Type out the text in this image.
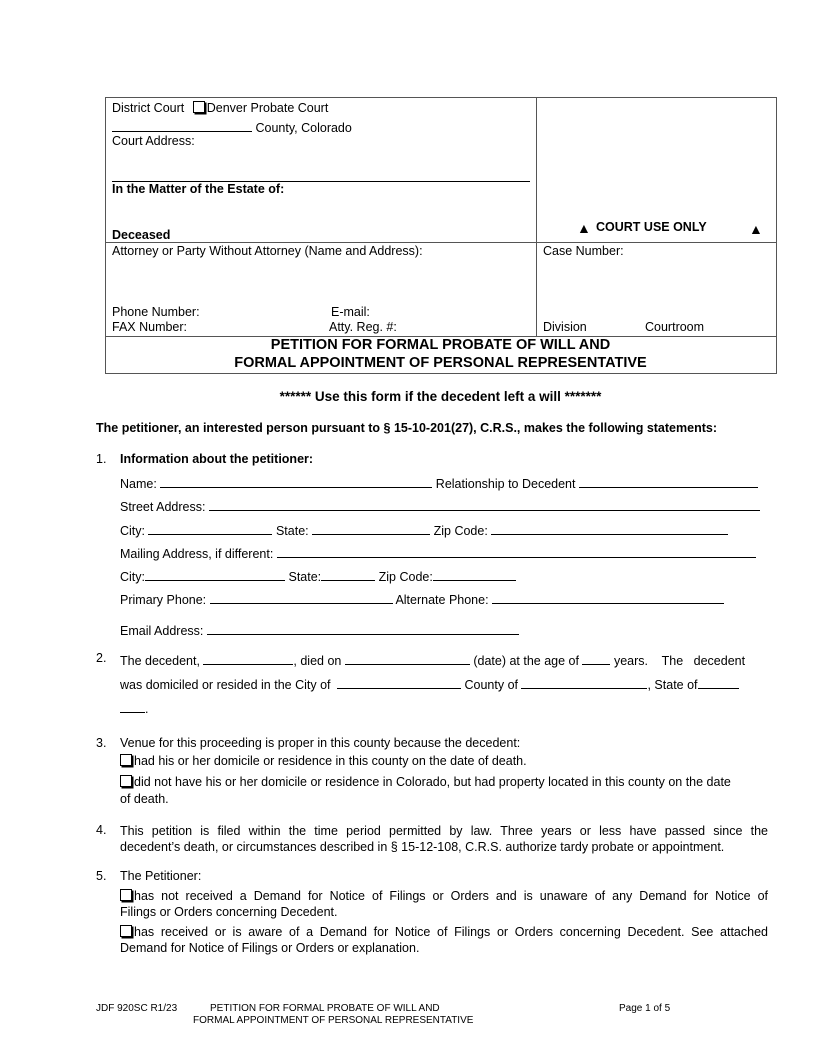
District Court Denver Probate Court
County, Colorado
Court Address:
In the Matter of the Estate of:
Deceased	▲ COURT USE ONLY	▲
Attorney or Party Without Attorney (Name and Address):
Phone Number:	E-mail:
FAX Number:	Atty. Reg. #:
Case Number:
Division	Courtroom
PETITION FOR FORMAL PROBATE OF WILL AND
FORMAL APPOINTMENT OF PERSONAL REPRESENTATIVE
****** Use this form if the decedent left a will *******
The petitioner, an interested person pursuant to § 15-10-201(27), C.R.S., makes the following statements:
1. Information about the petitioner:
Name:	Relationship to Decedent
Street Address:
City:	State:	Zip Code:
Mailing Address, if different:
City:	State:	Zip Code:
Primary Phone:	Alternate Phone:
Email Address:
2. The decedent,	, died on	(date) at the age of	years. The decedent
was domiciled or resided in the City of	County of	, State of
.
3. Venue for this proceeding is proper in this county because the decedent:
had his or her domicile or residence in this county on the date of death.
did not have his or her domicile or residence in Colorado, but had property located in this county on the date
of death.
4. This petition is filed within the time period permitted by law. Three years or less have passed since the
decedent’s death, or circumstances described in § 15-12-108, C.R.S. authorize tardy probate or appointment.
5. The Petitioner:
has not received a Demand for Notice of Filings or Orders and is unaware of any Demand for Notice of
Filings or Orders concerning Decedent.
has received or is aware of a Demand for Notice of Filings or Orders concerning Decedent. See attached
Demand for Notice of Filings or Orders or explanation.
JDF 920SC R1/23	PETITION FOR FORMAL PROBATE OF WILL AND
FORMAL APPOINTMENT OF PERSONAL REPRESENTATIVE
Page 1 of 5
